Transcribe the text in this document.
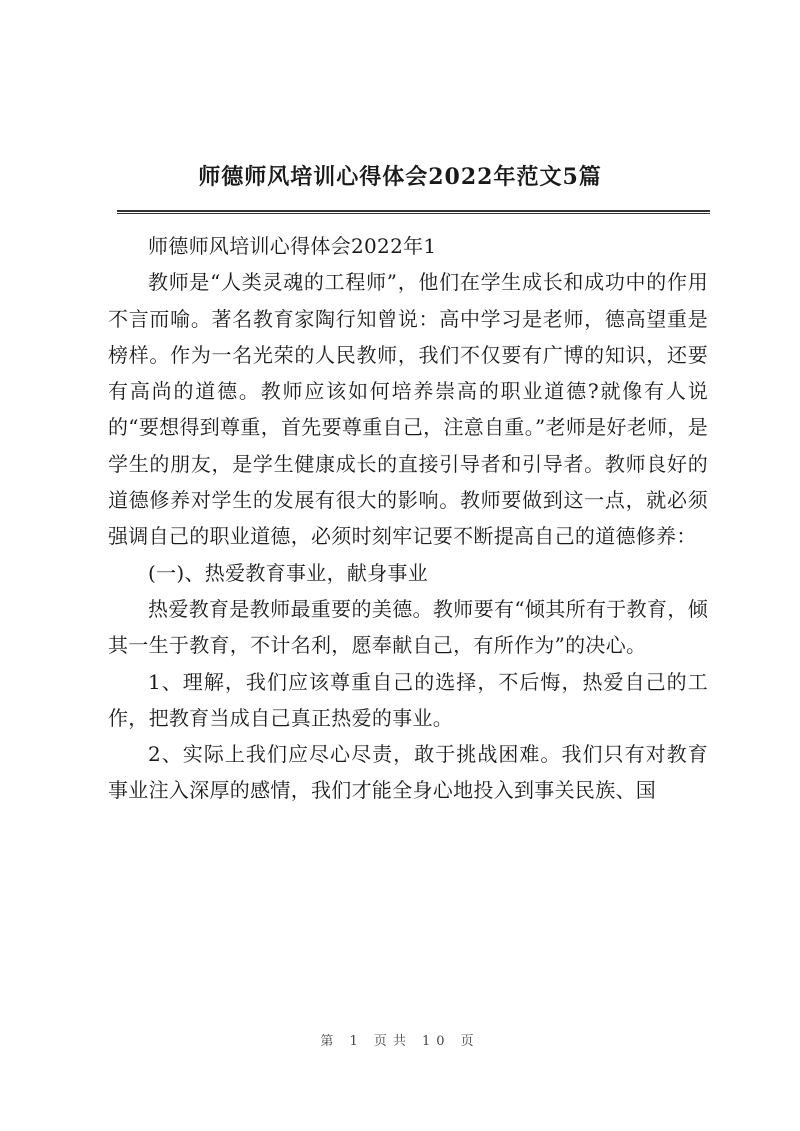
师德师风培训心得体会2022年范文5篇

师德师风培训心得体会2022年1

教师是“人类灵魂的工程师”，他们在学生成长和成功中的作用不言而喻。著名教育家陶行知曾说：高中学习是老师，德高望重是榜样。作为一名光荣的人民教师，我们不仅要有广博的知识，还要有高尚的道德。教师应该如何培养崇高的职业道德?就像有人说的“要想得到尊重，首先要尊重自己，注意自重。”老师是好老师，是学生的朋友，是学生健康成长的直接引导者和引导者。教师良好的道德修养对学生的发展有很大的影响。教师要做到这一点，就必须强调自己的职业道德，必须时刻牢记要不断提高自己的道德修养：

(一)、热爱教育事业，献身事业

热爱教育是教师最重要的美德。教师要有“倾其所有于教育，倾其一生于教育，不计名利，愿奉献自己，有所作为”的决心。

1、理解，我们应该尊重自己的选择，不后悔，热爱自己的工作，把教育当成自己真正热爱的事业。

2、实际上我们应尽心尽责，敢于挑战困难。我们只有对教育事业注入深厚的感情，我们才能全身心地投入到事关民族、国

第 1 页共 10 页
